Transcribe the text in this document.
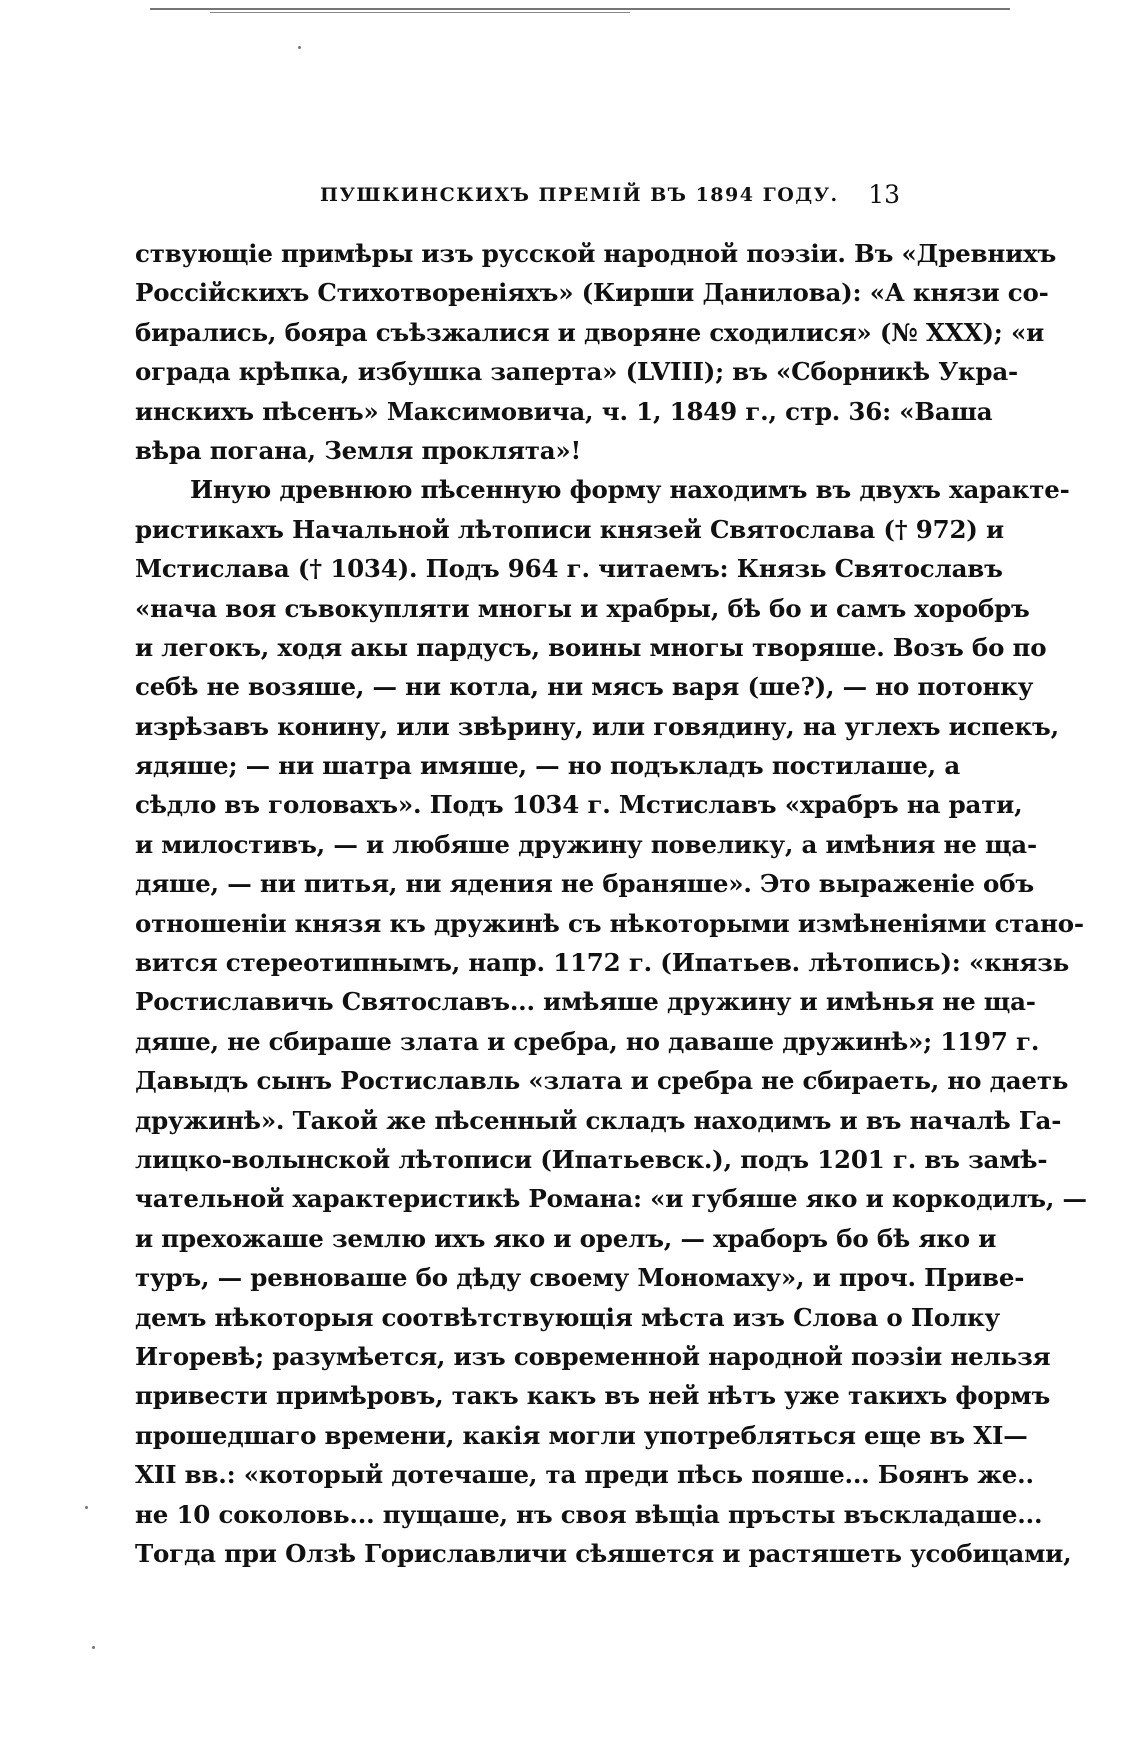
ПУШКИНСКИХЪ ПРЕМІЙ ВЪ 1894 ГОДУ. 13
ствующіе примѣры изъ русской народной поэзіи. Въ «Древнихъ
Россійскихъ Стихотвореніяхъ» (Кирши Данилова): «А князи со-
бирались, бояра съѣзжалися и дворяне сходилися» (№ XXX); «и
ограда крѣпка, избушка заперта» (LVIII); въ «Сборникѣ Укра-
инскихъ пѣсенъ» Максимовича, ч. 1, 1849 г., стр. 36: «Ваша
вѣра погана, Земля проклята»!
Иную древнюю пѣсенную форму находимъ въ двухъ характе-
ристикахъ Начальной лѣтописи князей Святослава († 972) и
Мстислава († 1034). Подъ 964 г. читаемъ: Князь Святославъ
«нача воя съвокупляти многы и храбры, бѣ бо и самъ хоробръ
и легокъ, ходя акы пардусъ, воины многы творяше. Возъ бо по
себѣ не возяше, — ни котла, ни мясъ варя (ше?), — но потонку
изрѣзавъ конину, или звѣрину, или говядину, на углехъ испекъ,
ядяше; — ни шатра имяше, — но подъкладъ постилаше, а
сѣдло въ головахъ». Подъ 1034 г. Мстиславъ «храбръ на рати,
и милостивъ, — и любяше дружину повелику, а имѣния не ща-
дяше, — ни питья, ни ядения не браняше». Это выраженіе объ
отношеніи князя къ дружинѣ съ нѣкоторыми измѣненіями стано-
вится стереотипнымъ, напр. 1172 г. (Ипатьев. лѣтопись): «князь
Ростиславичь Святославъ... имѣяше дружину и имѣнья не ща-
дяше, не сбираше злата и сребра, но даваше дружинѣ»; 1197 г.
Давыдъ сынъ Ростиславль «злата и сребра не сбираеть, но даеть
дружинѣ». Такой же пѣсенный складъ находимъ и въ началѣ Га-
лицко-волынской лѣтописи (Ипатьевск.), подъ 1201 г. въ замѣ-
чательной характеристикѣ Романа: «и губяше яко и коркодилъ, —
и прехожаше землю ихъ яко и орелъ, — храборъ бо бѣ яко и
туръ, — ревноваше бо дѣду своему Мономаху», и проч. Приве-
демъ нѣкоторыя соотвѣтствующія мѣста изъ Слова о Полку
Игоревѣ; разумѣется, изъ современной народной поэзіи нельзя
привести примѣровъ, такъ какъ въ ней нѣтъ уже такихъ формъ
прошедшаго времени, какія могли употребляться еще въ XI—
XII вв.: «который дотечаше, та преди пѣсь пояше... Боянъ же..
не 10 соколовь... пущаше, нъ своя вѣщіа пръсты въскладаше...
Тогда при Олзѣ Гориславличи сѣяшется и растяшеть усобицами,
